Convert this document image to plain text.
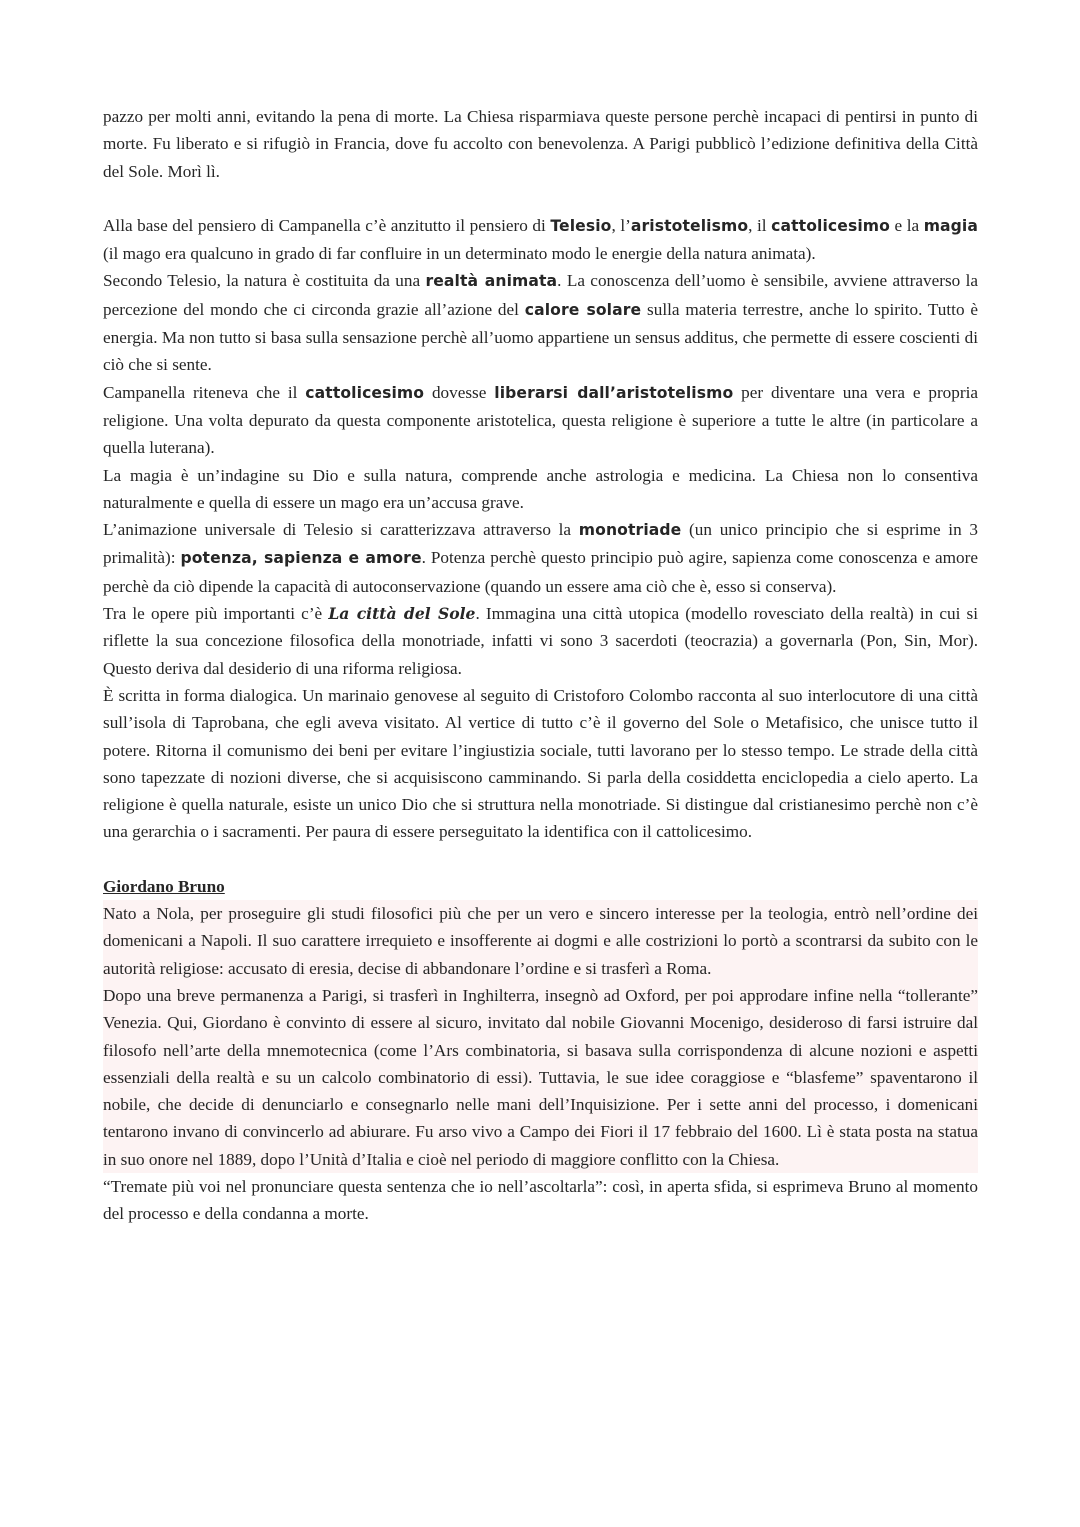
pazzo per molti anni, evitando la pena di morte. La Chiesa risparmiava queste persone perchè incapaci di pentirsi in punto di morte. Fu liberato e si rifugiò in Francia, dove fu accolto con benevolenza. A Parigi pubblicò l’edizione definitiva della Città del Sole. Morì lì.

Alla base del pensiero di Campanella c’è anzitutto il pensiero di Telesio, l’aristotelismo, il cattolicesimo e la magia (il mago era qualcuno in grado di far confluire in un determinato modo le energie della natura animata).

Secondo Telesio, la natura è costituita da una realtà animata. La conoscenza dell’uomo è sensibile, avviene attraverso la percezione del mondo che ci circonda grazie all’azione del calore solare sulla materia terrestre, anche lo spirito. Tutto è energia. Ma non tutto si basa sulla sensazione perchè all’uomo appartiene un sensus additus, che permette di essere coscienti di ciò che si sente.

Campanella riteneva che il cattolicesimo dovesse liberarsi dall’aristotelismo per diventare una vera e propria religione. Una volta depurato da questa componente aristotelica, questa religione è superiore a tutte le altre (in particolare a quella luterana).

La magia è un’indagine su Dio e sulla natura, comprende anche astrologia e medicina. La Chiesa non lo consentiva naturalmente e quella di essere un mago era un’accusa grave.

L’animazione universale di Telesio si caratterizzava attraverso la monotriade (un unico principio che si esprime in 3 primalità): potenza, sapienza e amore. Potenza perchè questo principio può agire, sapienza come conoscenza e amore perchè da ciò dipende la capacità di autoconservazione (quando un essere ama ciò che è, esso si conserva).

Tra le opere più importanti c’è La città del Sole. Immagina una città utopica (modello rovesciato della realtà) in cui si riflette la sua concezione filosofica della monotriade, infatti vi sono 3 sacerdoti (teocrazia) a governarla (Pon, Sin, Mor). Questo deriva dal desiderio di una riforma religiosa.

È scritta in forma dialogica. Un marinaio genovese al seguito di Cristoforo Colombo racconta al suo interlocutore di una città sull’isola di Taprobana, che egli aveva visitato. Al vertice di tutto c’è il governo del Sole o Metafisico, che unisce tutto il potere. Ritorna il comunismo dei beni per evitare l’ingiustizia sociale, tutti lavorano per lo stesso tempo. Le strade della città sono tapezzate di nozioni diverse, che si acquisiscono camminando. Si parla della cosiddetta enciclopedia a cielo aperto. La religione è quella naturale, esiste un unico Dio che si struttura nella monotriade. Si distingue dal cristianesimo perchè non c’è una gerarchia o i sacramenti. Per paura di essere perseguitato la identifica con il cattolicesimo.

Giordano Bruno

Nato a Nola, per proseguire gli studi filosofici più che per un vero e sincero interesse per la teologia, entrò nell’ordine dei domenicani a Napoli. Il suo carattere irrequieto e insofferente ai dogmi e alle costrizioni lo portò a scontrarsi da subito con le autorità religiose: accusato di eresia, decise di abbandonare l’ordine e si trasferì a Roma.

Dopo una breve permanenza a Parigi, si trasferì in Inghilterra, insegnò ad Oxford, per poi approdare infine nella “tollerante” Venezia. Qui, Giordano è convinto di essere al sicuro, invitato dal nobile Giovanni Mocenigo, desideroso di farsi istruire dal filosofo nell’arte della mnemotecnica (come l’Ars combinatoria, si basava sulla corrispondenza di alcune nozioni e aspetti essenziali della realtà e su un calcolo combinatorio di essi). Tuttavia, le sue idee coraggiose e “blasfeme” spaventarono il nobile, che decide di denunciarlo e consegnarlo nelle mani dell’Inquisizione. Per i sette anni del processo, i domenicani tentarono invano di convincerlo ad abiurare. Fu arso vivo a Campo dei Fiori il 17 febbraio del 1600. Lì è stata posta na statua in suo onore nel 1889, dopo l’Unità d’Italia e cioè nel periodo di maggiore conflitto con la Chiesa.

“Tremate più voi nel pronunciare questa sentenza che io nell’ascoltarla”: così, in aperta sfida, si esprimeva Bruno al momento del processo e della condanna a morte.
